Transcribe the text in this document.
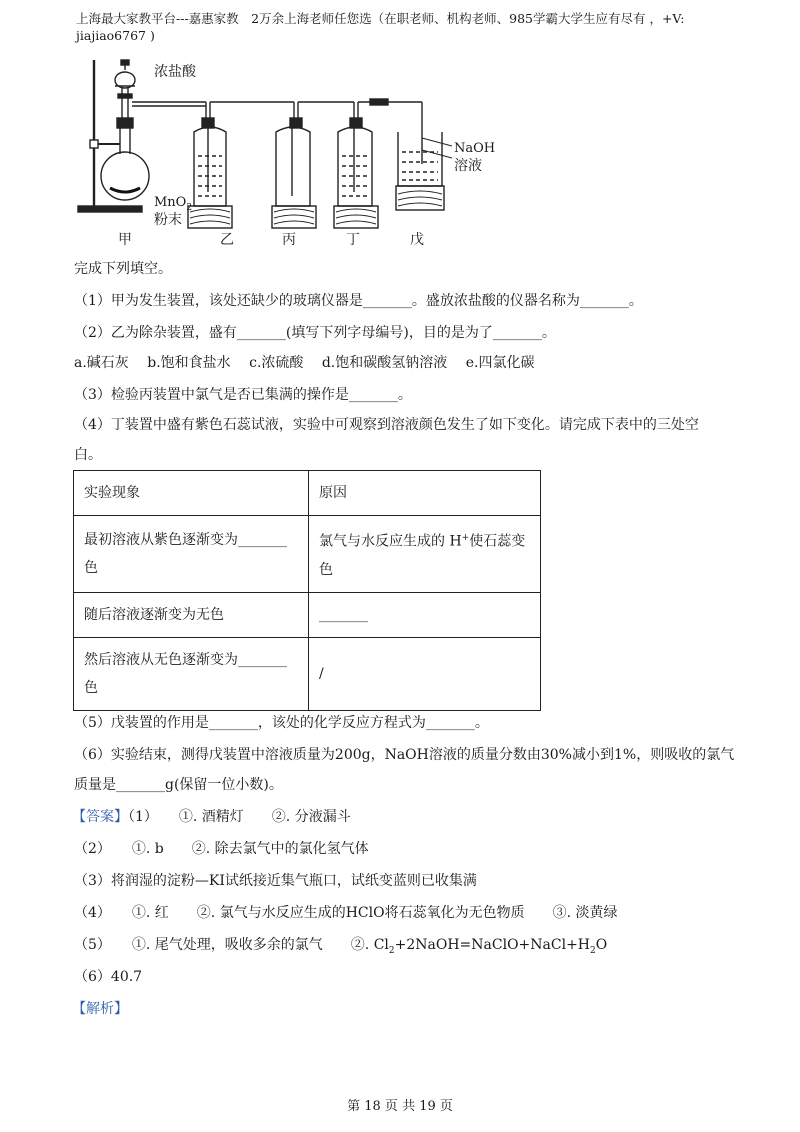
上海最大家教平台---嘉惠家教　2万余上海老师任您选（在职老师、机构老师、985学霸大学生应有尽有 ，+V:
jiajiao6767 )
浓盐酸
MnO$_2$
粉末
NaOH
溶液
甲	乙	丙	丁	戊
完成下列填空。
（1）甲为发生装置，该处还缺少的玻璃仪器是_______。盛放浓盐酸的仪器名称为_______。
（2）乙为除杂装置，盛有_______(填写下列字母编号)，目的是为了_______。
a.碱石灰　 b.饱和食盐水　 c.浓硫酸　 d.饱和碳酸氢钠溶液　 e.四氯化碳
（3）检验丙装置中氯气是否已集满的操作是_______。
（4）丁装置中盛有紫色石蕊试液，实验中可观察到溶液颜色发生了如下变化。请完成下表中的三处空
白。
实验现象	原因
最初溶液从紫色逐渐变为_______色	氯气与水反应生成的 H+使石蕊变色
随后溶液逐渐变为无色	_______
然后溶液从无色逐渐变为_______色	/
（5）戊装置的作用是_______，该处的化学反应方程式为_______。
（6）实验结束，测得戊装置中溶液质量为200g，NaOH溶液的质量分数由30%减小到1%，则吸收的氯气
质量是_______g(保留一位小数)。
【答案】（1）　　①. 酒精灯　　②. 分液漏斗
（2）　　①. b　　②. 除去氯气中的氯化氢气体
（3）将润湿的淀粉—KI试纸接近集气瓶口，试纸变蓝则已收集满
（4）　　①. 红　　②. 氯气与水反应生成的HClO将石蕊氧化为无色物质　　③. 淡黄绿
（5）　　①. 尾气处理，吸收多余的氯气　　②. $Cl_2+2NaOH=NaClO+NaCl+H_2O$
（6）40.7
【解析】
第 18 页 共 19 页
